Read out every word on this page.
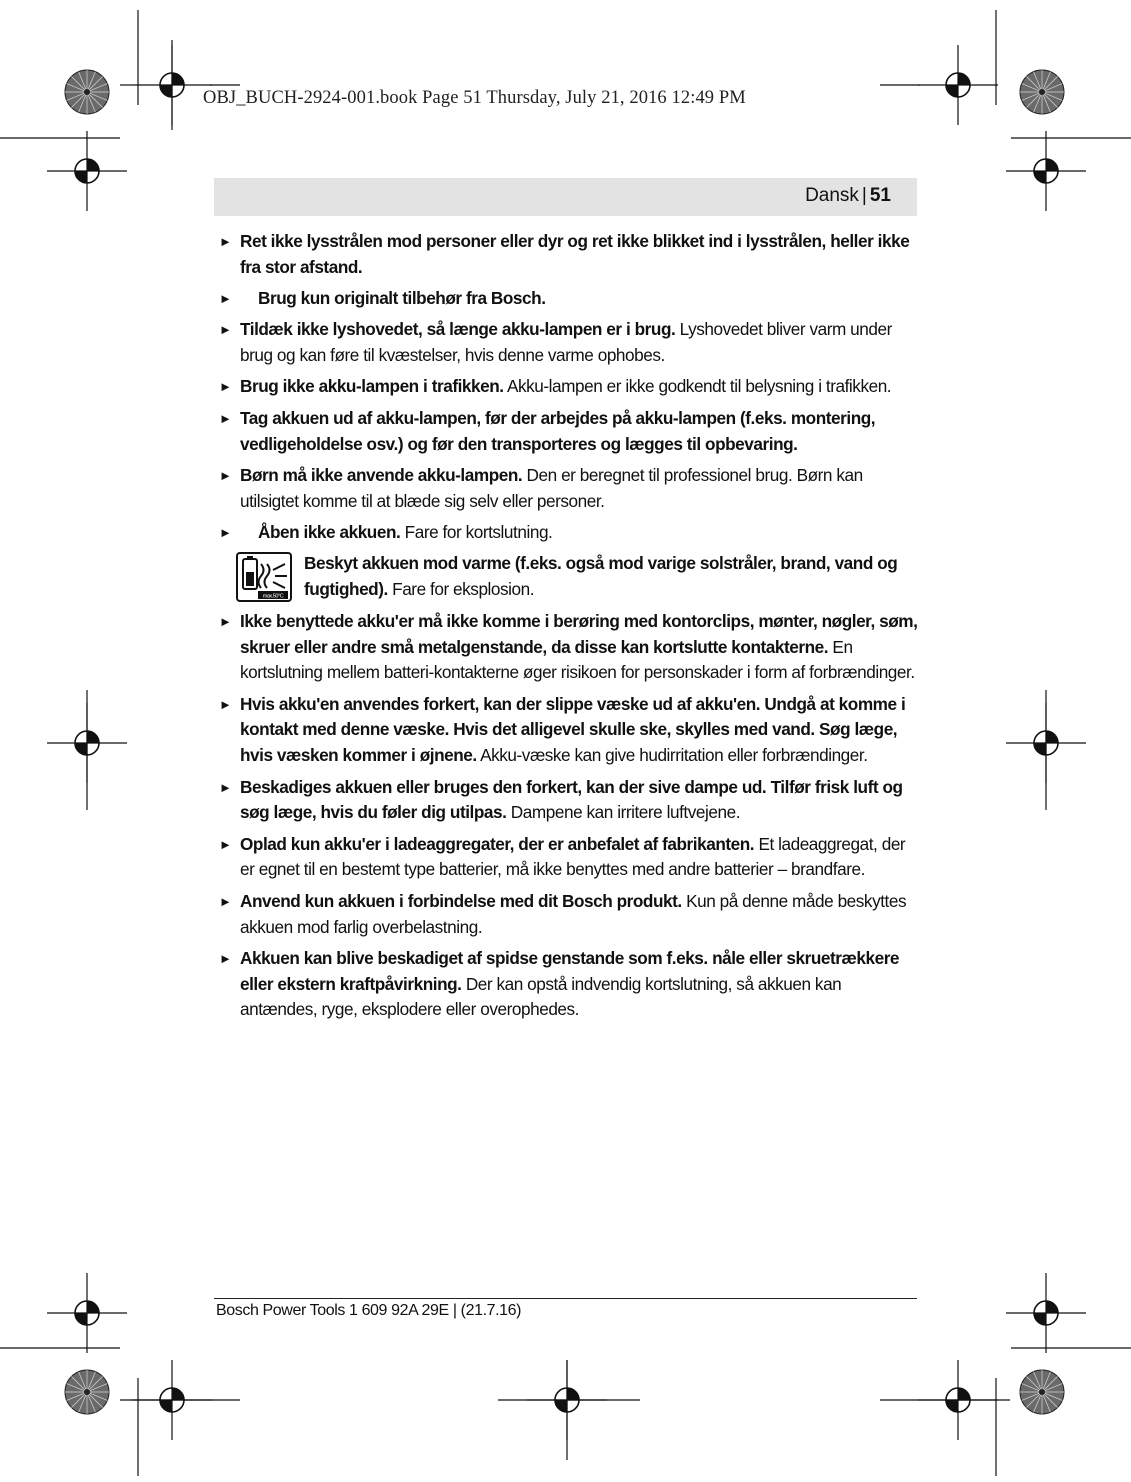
OBJ_BUCH-2924-001.book Page 51 Thursday, July 21, 2016 12:49 PM
Dansk | 51
► Ret ikke lysstrålen mod personer eller dyr og ret ikke blikket ind i lysstrålen, heller ikke fra stor afstand.
► Brug kun originalt tilbehør fra Bosch.
► Tildæk ikke lyshovedet, så længe akku-lampen er i brug. Lyshovedet bliver varm under brug og kan føre til kvæstelser, hvis denne varme ophobes.
► Brug ikke akku-lampen i trafikken. Akku-lampen er ikke godkendt til belysning i trafikken.
► Tag akkuen ud af akku-lampen, før der arbejdes på akku-lampen (f.eks. montering, vedligeholdelse osv.) og før den transporteres og lægges til opbevaring.
► Børn må ikke anvende akku-lampen. Den er beregnet til professionel brug. Børn kan utilsigtet komme til at blæde sig selv eller personer.
► Åben ikke akkuen. Fare for kortslutning.
max.50°C
Beskyt akkuen mod varme (f.eks. også mod varige solstråler, brand, vand og fugtighed). Fare for eksplosion.
► Ikke benyttede akku'er må ikke komme i berøring med kontorclips, mønter, nøgler, søm, skruer eller andre små metalgenstande, da disse kan kortslutte kontakterne. En kortslutning mellem batteri-kontakterne øger risikoen for personskader i form af forbrændinger.
► Hvis akku'en anvendes forkert, kan der slippe væske ud af akku'en. Undgå at komme i kontakt med denne væske. Hvis det alligevel skulle ske, skylles med vand. Søg læge, hvis væsken kommer i øjnene. Akku-væske kan give hudirritation eller forbrændinger.
► Beskadiges akkuen eller bruges den forkert, kan der sive dampe ud. Tilfør frisk luft og søg læge, hvis du føler dig utilpas. Dampene kan irritere luftvejene.
► Oplad kun akku'er i ladeaggregater, der er anbefalet af fabrikanten. Et ladeaggregat, der er egnet til en bestemt type batterier, må ikke benyttes med andre batterier – brandfare.
► Anvend kun akkuen i forbindelse med dit Bosch produkt. Kun på denne måde beskyttes akkuen mod farlig overbelastning.
► Akkuen kan blive beskadiget af spidse genstande som f.eks. nåle eller skruetrækkere eller ekstern kraftpåvirkning. Der kan opstå indvendig kortslutning, så akkuen kan antændes, ryge, eksplodere eller overophedes.
Bosch Power Tools 1 609 92A 29E | (21.7.16)
